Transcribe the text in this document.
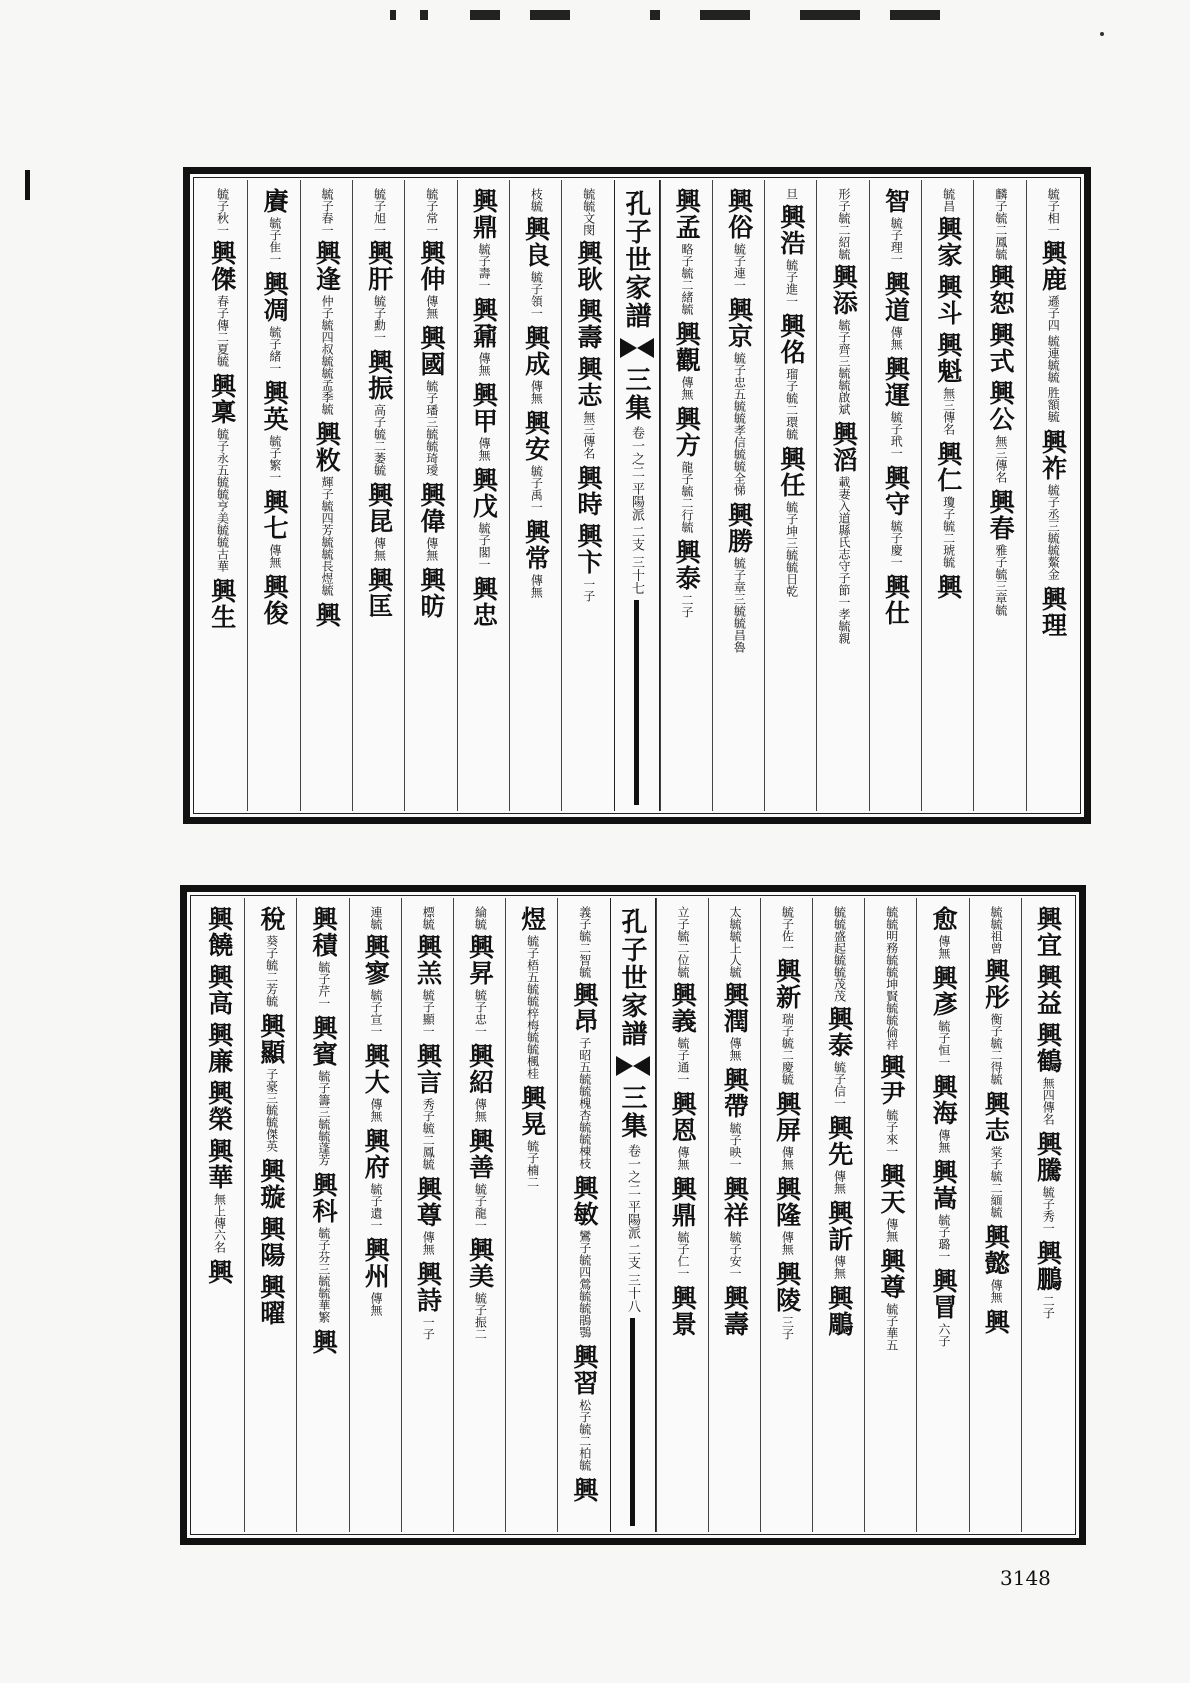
毓子相一
興鹿
遜子四 毓連毓毓 胜額毓
興祚
毓子丞三毓毓鰲金
興理
麟子毓二鳳毓
興恕
興式
興公
無三傳名
興春
雅子毓三章毓
毓昌
興家
興斗
興魁
無三傳名
興仁
瓊子毓二琥毓
興
智
毓子理一
興道
傳無
興運
毓子玳一
興守
毓子慶一
興仕
形子毓二紹毓
興添
毓子齊三毓毓啟斌
興滔
載妻入道縣氏志守子節一孝毓親
旦
興浩
毓子進一
興佲
瑠子毓二環毓
興任
毓子坤三毓毓日乾
興俗
毓子連一
興京
毓子忠五毓毓孝信毓毓全悌
興勝
毓子章三毓毓昌魯
興孟
略子毓二緒毓
興觀
傳無
興方
龍子毓二行毓
興泰
二子
孔子世家譜
三集
卷一之二 平陽派 二支 三十七
毓毓文閔
興耿
興壽
興志
無三傳名
興時
興卞
一子
枝毓
興良
毓子領一
興成
傳無
興安
毓子禹一
興常
傳無
興鼎
毓子壽一
興鼐
傳無
興甲
傳無
興戊
毓子閣一
興忠
毓子常一
興伸
傳無
興國
毓子璠三毓毓琦璦
興偉
傳無
興昉
毓子旭一
興肝
毓子勳一
興振
高子毓二萎毓
興昆
傳無
興匡
毓子春一
興逢
仲子毓四叔毓毓孟季毓
興敉
輝子毓四芳毓毓長煜毓
興
賡
毓子隹一
興凋
毓子緒一
興英
毓子繁一
興七
傳無
興俊
毓子秋一
興傑
春子傳二夏毓
興稟
毓子永五毓毓亨美毓毓古華
興生
興宜
興益
興鶴
無四傳名
興騰
毓子秀一
興鵬
二子
毓毓祖曾
興彤
衡子毓二得毓
興志
棠子毓二緬毓
興懿
傳無
興
愈
傳無
興彥
毓子恒一
興海
傳無
興嵩
毓子璐一
興冒
六子
毓毓明務毓毓坤賢毓毓倫祥
興尹
毓子來一
興天
傳無
興尊
毓子華五
毓毓盛起毓毓茂茂
興泰
毓子信一
興先
傳無
興訢
傳無
興鵰
毓子佐一
興新
瑞子毓二慶毓
興屏
傳無
興隆
傳無
興陵
三子
太毓毓上人毓
興潤
傳無
興帶
毓子映一
興祥
毓子安一
興壽
立子毓二位毓
興義
毓子通一
興恩
傳無
興鼎
毓子仁一
興景
孔子世家譜
三集
卷一之二 平陽派 二支 三十八
義子毓二智毓
興昂
子昭五毓毓槐杏毓毓棟枝
興敏
鸞子毓四鶯毓毓鵑鶚
興習
松子毓二柏毓
興
煜
毓子梧五毓毓梓梅毓毓楓桂
興晃
毓子楠二
綸毓
興昇
毓子忠一
興紹
傳無
興善
毓子龍一
興美
毓子振二
標毓
興羔
毓子顯一
興言
秀子毓二鳳毓
興尊
傳無
興詩
一子
連毓
興寥
毓子宣一
興大
傳無
興府
毓子遺一
興州
傳無
興積
毓子芹一
興賓
毓子籌三毓毓蓬芳
興科
毓子芬三毓毓華繁
興
稅
葵子毓二芳毓
興顯
子豪三毓毓傑英
興璇
興陽
興曜
興饒
興高
興廉
興榮
興華
無上傳六名
興
3148
